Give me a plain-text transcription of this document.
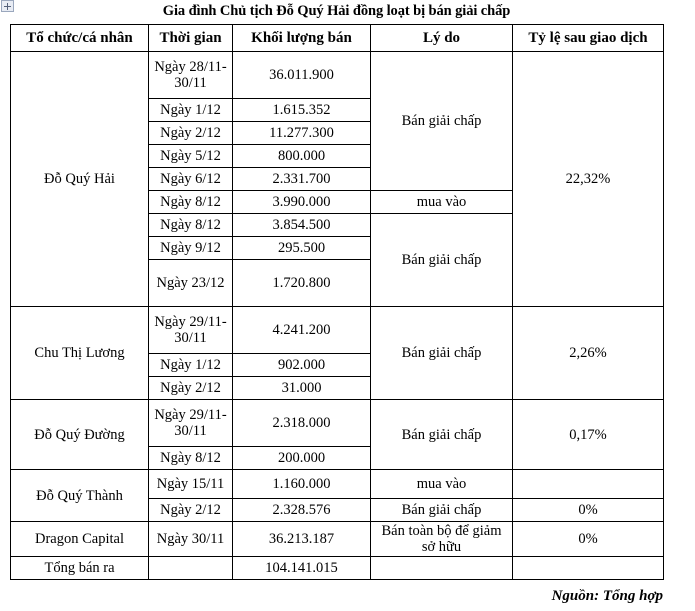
Gia đình Chủ tịch Đỗ Quý Hải đồng loạt bị bán giải chấp
Tổ chức/cá nhân	Thời gian	Khối lượng bán	Lý do	Tỷ lệ sau giao dịch
Đỗ Quý Hải	Ngày 28/11- 30/11	36.011.900	Bán giải chấp	22,32%
	Ngày 1/12	1.615.352		
	Ngày 2/12	11.277.300		
	Ngày 5/12	800.000		
	Ngày 6/12	2.331.700		
	Ngày 8/12	3.990.000	mua vào	
	Ngày 8/12	3.854.500	Bán giải chấp	
	Ngày 9/12	295.500		
	Ngày 23/12	1.720.800		
Chu Thị Lương	Ngày 29/11- 30/11	4.241.200	Bán giải chấp	2,26%
	Ngày 1/12	902.000		
	Ngày 2/12	31.000		
Đỗ Quý Đường	Ngày 29/11- 30/11	2.318.000	Bán giải chấp	0,17%
	Ngày 8/12	200.000		
Đỗ Quý Thành	Ngày 15/11	1.160.000	mua vào	
	Ngày 2/12	2.328.576	Bán giải chấp	0%
Dragon Capital	Ngày 30/11	36.213.187	Bán toàn bộ để giảm sở hữu	0%
Tổng bán ra		104.141.015		
Nguồn: Tổng hợp
